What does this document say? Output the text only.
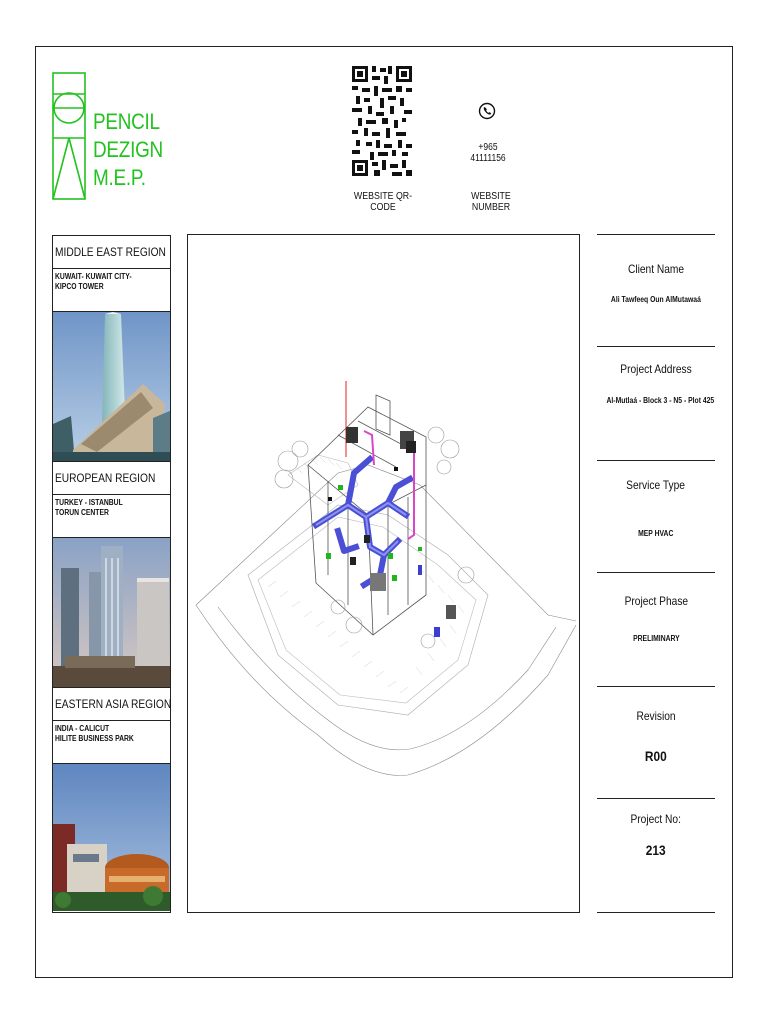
PENCIL
DEZIGN
M.E.P.
WEBSITE QR-CODE
+965 41111156
WEBSITE NUMBER
MIDDLE EAST REGION
KUWAIT- KUWAIT CITY-
KIPCO TOWER
EUROPEAN REGION
TURKEY - ISTANBUL
TORUN CENTER
EASTERN ASIA REGION
INDIA - CALICUT
HILITE BUSINESS PARK
Client Name
Ali Tawfeeq Oun AlMutawaá
Project Address
Al-Mutlaá - Block 3 - N5 - Plot 425
Service Type
MEP HVAC
Project Phase
PRELIMINARY
Revision
R00
Project No:
213
